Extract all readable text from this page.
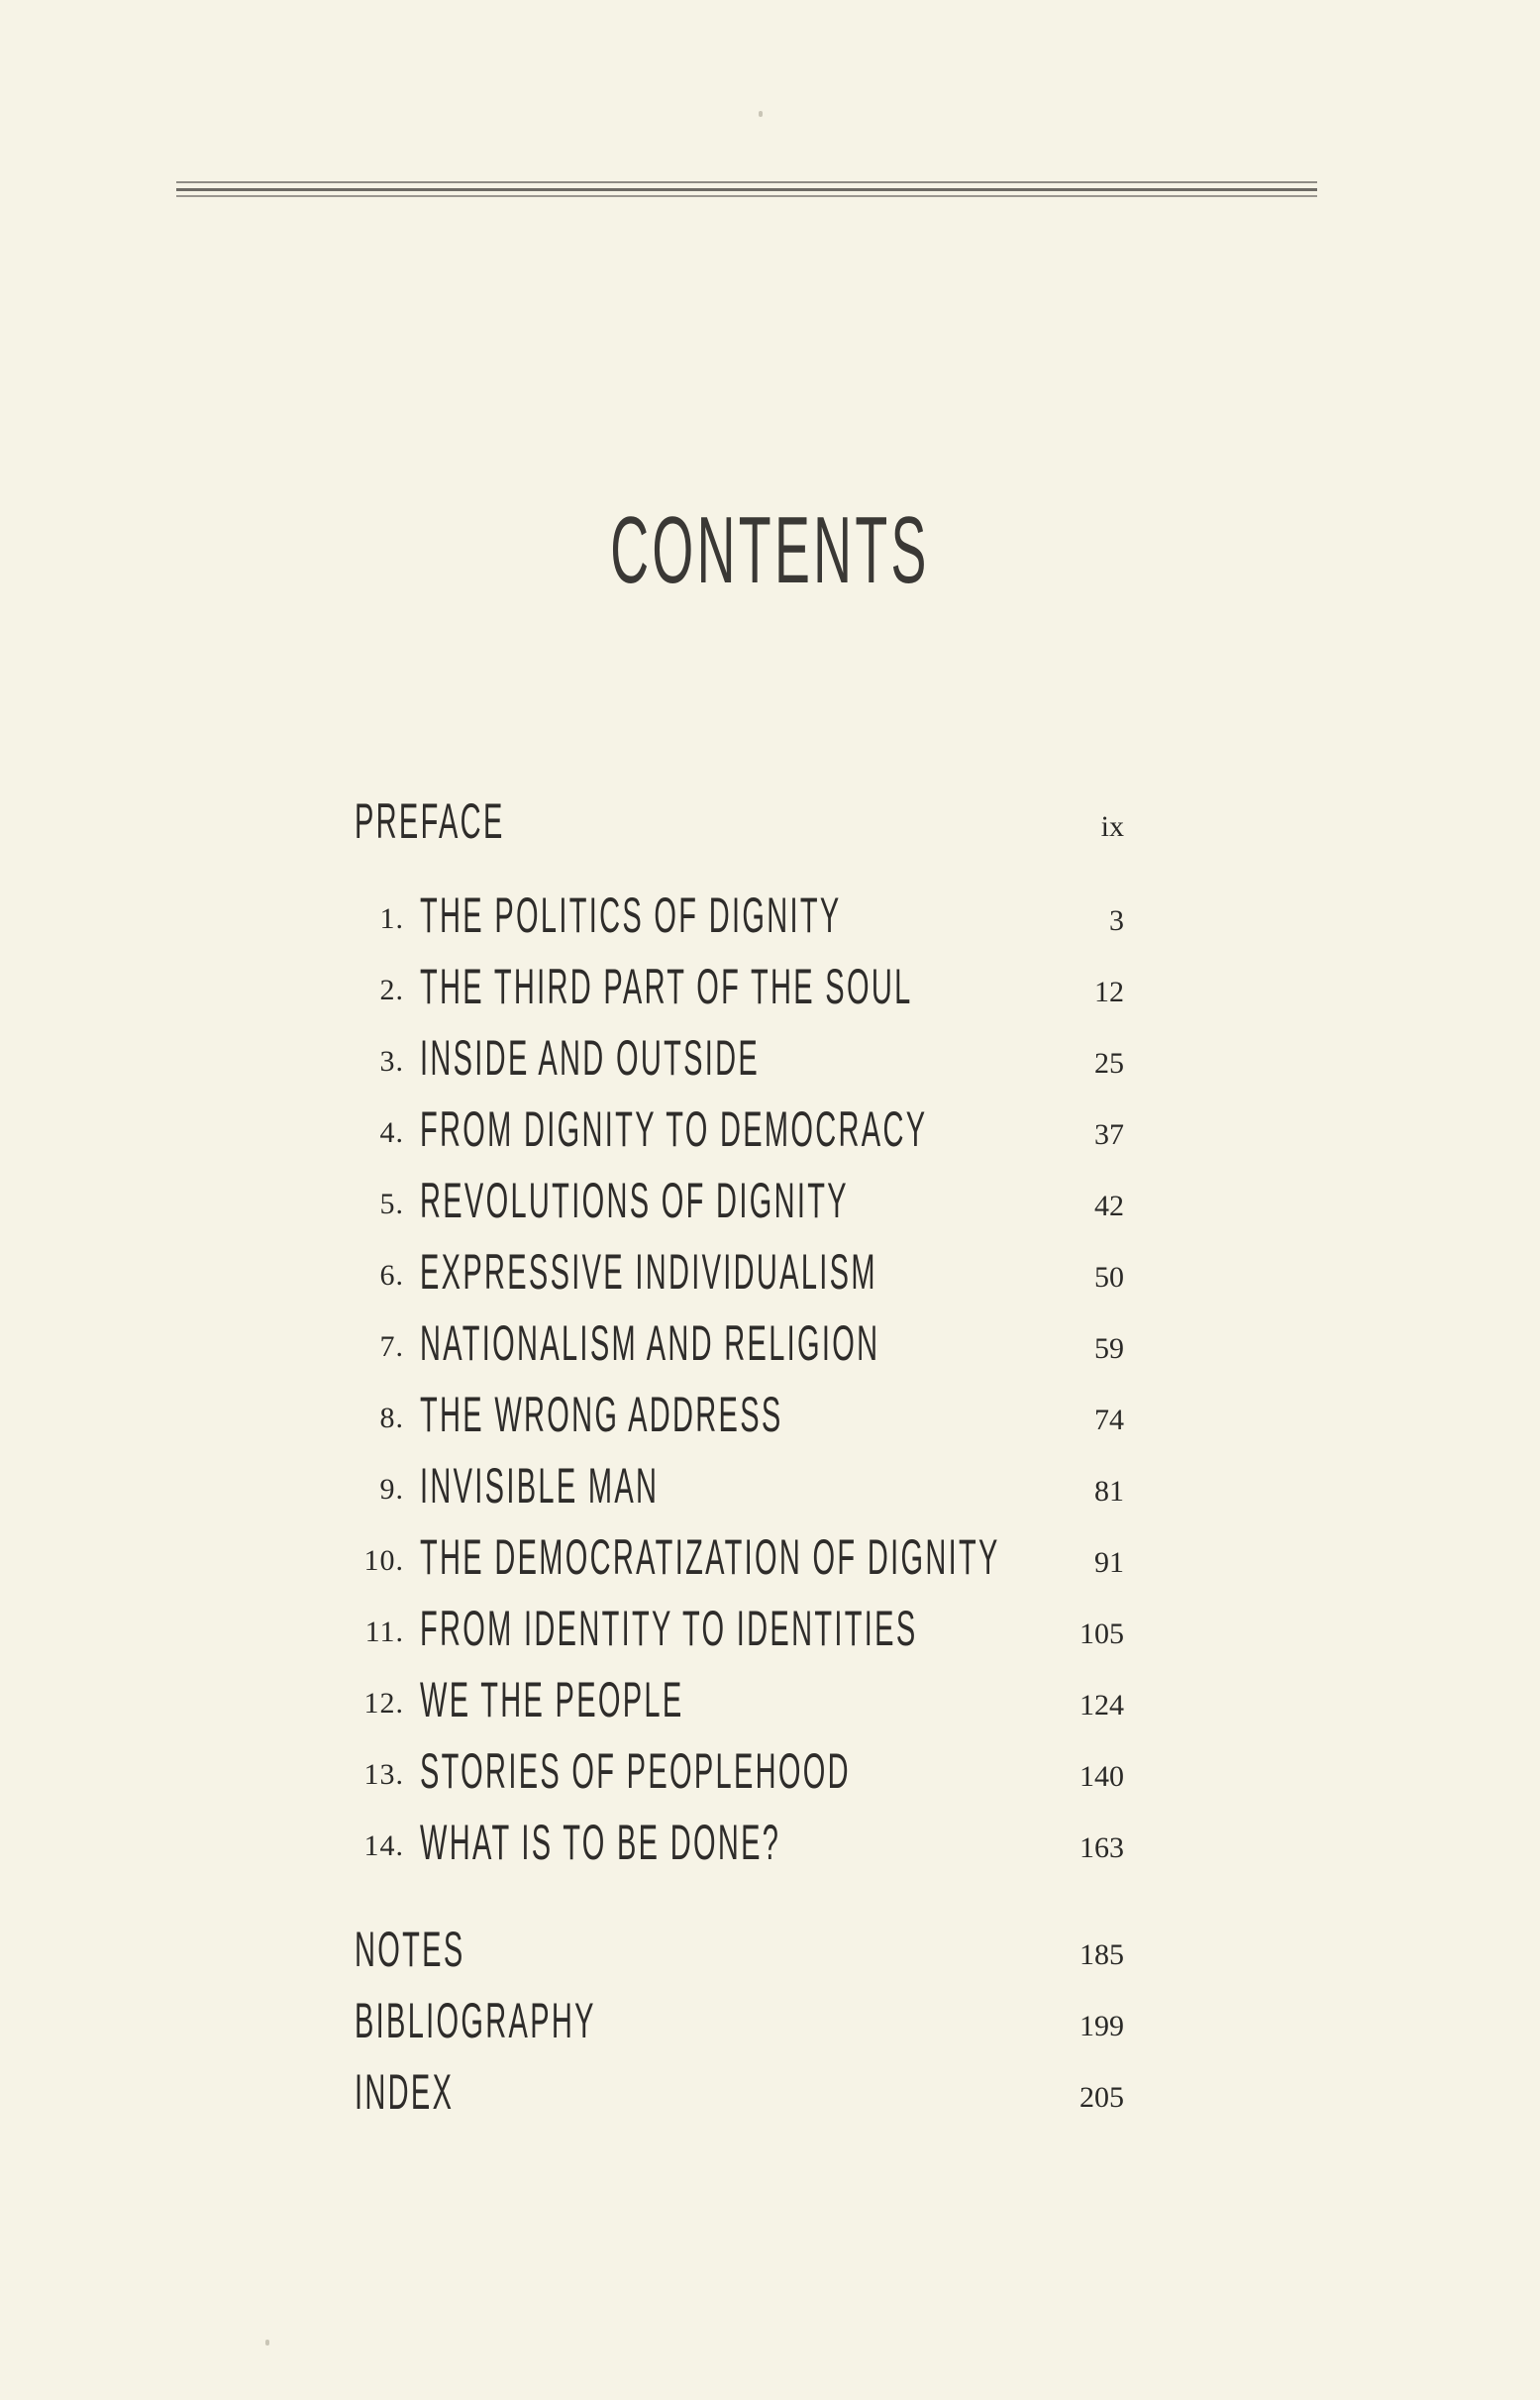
CONTENTS
PREFACE	ix
1. THE POLITICS OF DIGNITY	3
2. THE THIRD PART OF THE SOUL	12
3. INSIDE AND OUTSIDE	25
4. FROM DIGNITY TO DEMOCRACY	37
5. REVOLUTIONS OF DIGNITY	42
6. EXPRESSIVE INDIVIDUALISM	50
7. NATIONALISM AND RELIGION	59
8. THE WRONG ADDRESS	74
9. INVISIBLE MAN	81
10. THE DEMOCRATIZATION OF DIGNITY	91
11. FROM IDENTITY TO IDENTITIES	105
12. WE THE PEOPLE	124
13. STORIES OF PEOPLEHOOD	140
14. WHAT IS TO BE DONE?	163
NOTES	185
BIBLIOGRAPHY	199
INDEX	205
